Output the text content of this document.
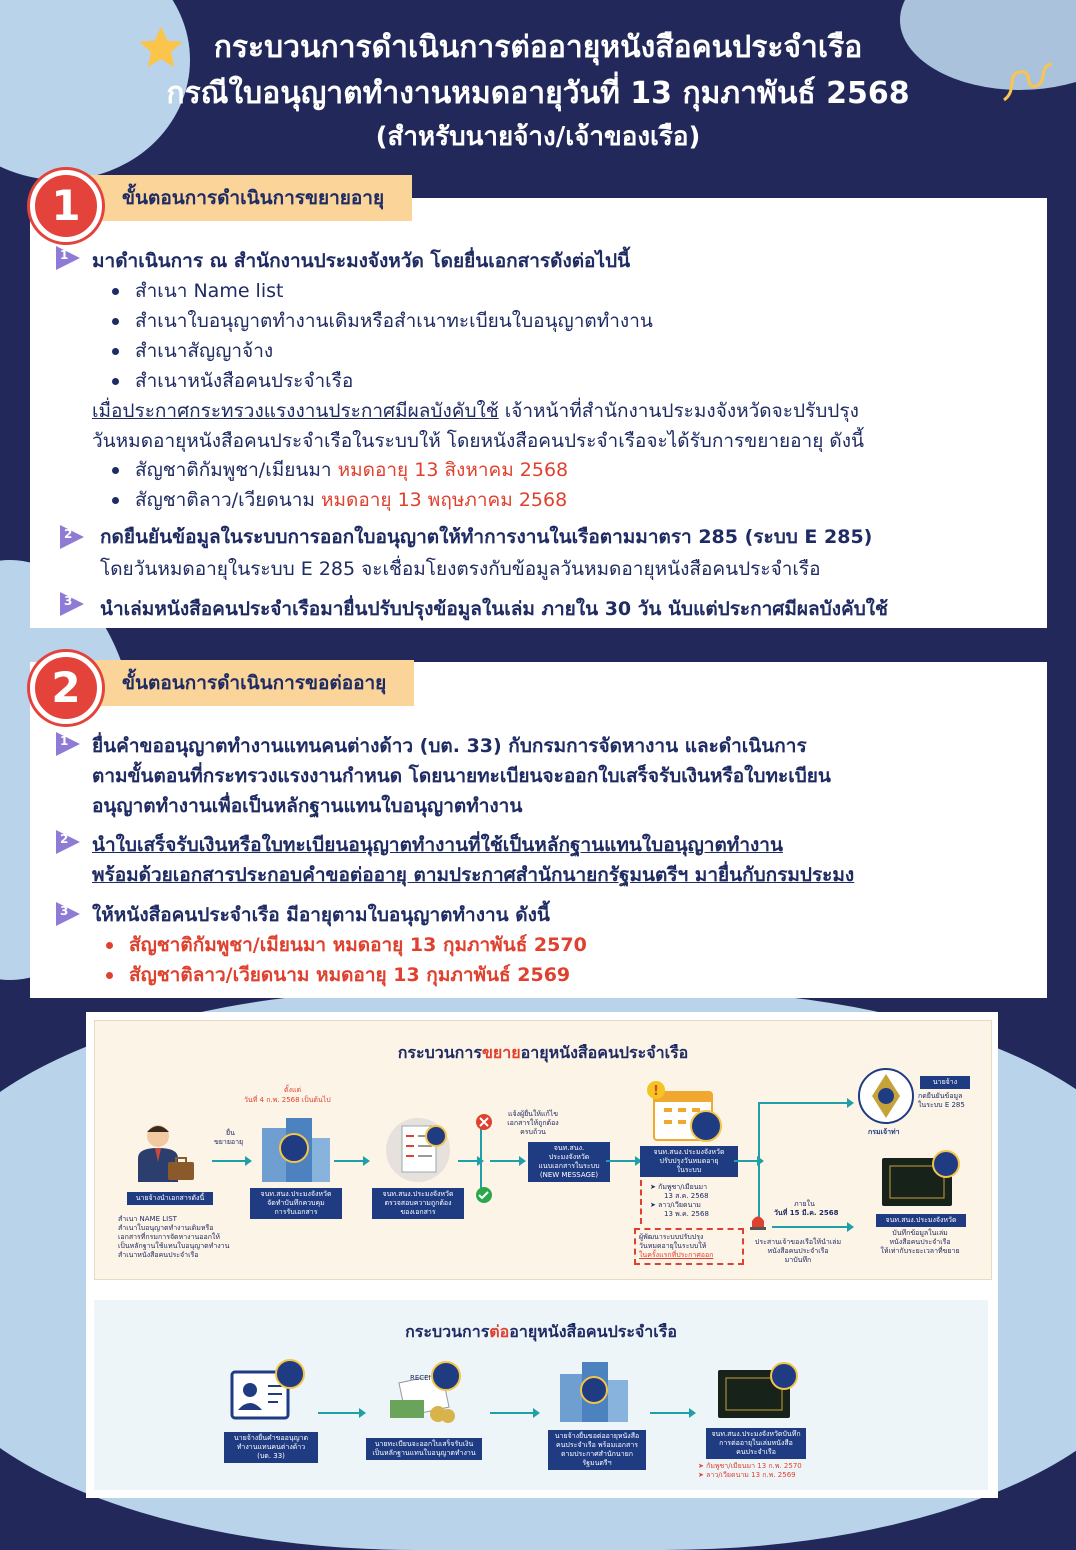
กระบวนการดำเนินการต่ออายุหนังสือคนประจำเรือ
กรณีใบอนุญาตทำงานหมดอายุวันที่ 13 กุมภาพันธ์ 2568
(สำหรับนายจ้าง/เจ้าของเรือ)
ขั้นตอนการดำเนินการขยายอายุ
1
1 มาดำเนินการ ณ สำนักงานประมงจังหวัด โดยยื่นเอกสารดังต่อไปนี้
สำเนา Name list
สำเนาใบอนุญาตทำงานเดิมหรือสำเนาทะเบียนใบอนุญาตทำงาน
สำเนาสัญญาจ้าง
สำเนาหนังสือคนประจำเรือ
เมื่อประกาศกระทรวงแรงงานประกาศมีผลบังคับใช้ เจ้าหน้าที่สำนักงานประมงจังหวัดจะปรับปรุง
วันหมดอายุหนังสือคนประจำเรือในระบบให้ โดยหนังสือคนประจำเรือจะได้รับการขยายอายุ ดังนี้
สัญชาติกัมพูชา/เมียนมา หมดอายุ 13 สิงหาคม 2568
สัญชาติลาว/เวียดนาม หมดอายุ 13 พฤษภาคม 2568
2 กดยืนยันข้อมูลในระบบการออกใบอนุญาตให้ทำการงานในเรือตามมาตรา 285 (ระบบ E 285)
โดยวันหมดอายุในระบบ E 285 จะเชื่อมโยงตรงกับข้อมูลวันหมดอายุหนังสือคนประจำเรือ
3 นำเล่มหนังสือคนประจำเรือมายื่นปรับปรุงข้อมูลในเล่ม ภายใน 30 วัน นับแต่ประกาศมีผลบังคับใช้
ขั้นตอนการดำเนินการขอต่ออายุ
2
1 ยื่นคำขออนุญาตทำงานแทนคนต่างด้าว (บต. 33) กับกรมการจัดหางาน และดำเนินการ
ตามขั้นตอนที่กระทรวงแรงงานกำหนด โดยนายทะเบียนจะออกใบเสร็จรับเงินหรือใบทะเบียน
อนุญาตทำงานเพื่อเป็นหลักฐานแทนใบอนุญาตทำงาน
2 นำใบเสร็จรับเงินหรือใบทะเบียนอนุญาตทำงานที่ใช้เป็นหลักฐานแทนใบอนุญาตทำงาน
พร้อมด้วยเอกสารประกอบคำขอต่ออายุ ตามประกาศสำนักนายกรัฐมนตรีฯ มายื่นกับกรมประมง
3 ให้หนังสือคนประจำเรือ มีอายุตามใบอนุญาตทำงาน ดังนี้
สัญชาติกัมพูชา/เมียนมา หมดอายุ 13 กุมภาพันธ์ 2570
สัญชาติลาว/เวียดนาม หมดอายุ 13 กุมภาพันธ์ 2569
กระบวนการขยายอายุหนังสือคนประจำเรือ
นายจ้างนำเอกสารดังนี้
สำเนา NAME LIST
สำเนาใบอนุญาตทำงานเดิมหรือ
เอกสารที่กรมการจัดหางานออกให้
เป็นหลักฐานใช้แทนใบอนุญาตทำงาน
สำเนาหนังสือคนประจำเรือ
ตั้งแต่
วันที่ 4 ก.พ. 2568 เป็นต้นไป
ยื่น
ขยายอายุ
จนท.สนง.ประมงจังหวัด
จัดทำบันทึกควบคุม
การรับเอกสาร
จนท.สนง.ประมงจังหวัด
ตรวจสอบความถูกต้อง
ของเอกสาร
แจ้งผู้ยื่นให้แก้ไข
เอกสารให้ถูกต้อง
ครบถ้วน
จนท.สนง.
ประมงจังหวัด
แนบเอกสารในระบบ
(NEW MESSAGE)
!
จนท.สนง.ประมงจังหวัด
ปรับปรุงวันหมดอายุ
ในระบบ
➤ กัมพูชา/เมียนมา
13 ส.ค. 2568
➤ ลาว/เวียดนาม
13 พ.ค. 2568
ผู้พัฒนาระบบปรับปรุง
วันหมดอายุในระบบให้
ในครั้งแรกที่ประกาศออก
กรมเจ้าท่า
นายจ้าง
กดยืนยันข้อมูล
ในระบบ E 285
ภายใน
วันที่ 15 มี.ค. 2568
ประสานเจ้าของเรือให้นำเล่ม
หนังสือคนประจำเรือ
มาบันทึก
จนท.สนง.ประมงจังหวัด
บันทึกข้อมูลในเล่ม
หนังสือคนประจำเรือ
ให้เท่ากับระยะเวลาที่ขยาย
กระบวนการต่ออายุหนังสือคนประจำเรือ
นายจ้างยื่นคำขออนุญาต
ทำงานแทนคนต่างด้าว
(บต. 33)
RECEI
นายทะเบียนจะออกใบเสร็จรับเงิน
เป็นหลักฐานแทนใบอนุญาตทำงาน
นายจ้างยื่นขอต่ออายุหนังสือ
คนประจำเรือ พร้อมเอกสาร
ตามประกาศสำนักนายก
รัฐมนตรีฯ
จนท.สนง.ประมงจังหวัดบันทึก
การต่ออายุในเล่มหนังสือ
คนประจำเรือ
➤ กัมพูชา/เมียนมา 13 ก.พ. 2570
➤ ลาว/เวียดนาม 13 ก.พ. 2569
